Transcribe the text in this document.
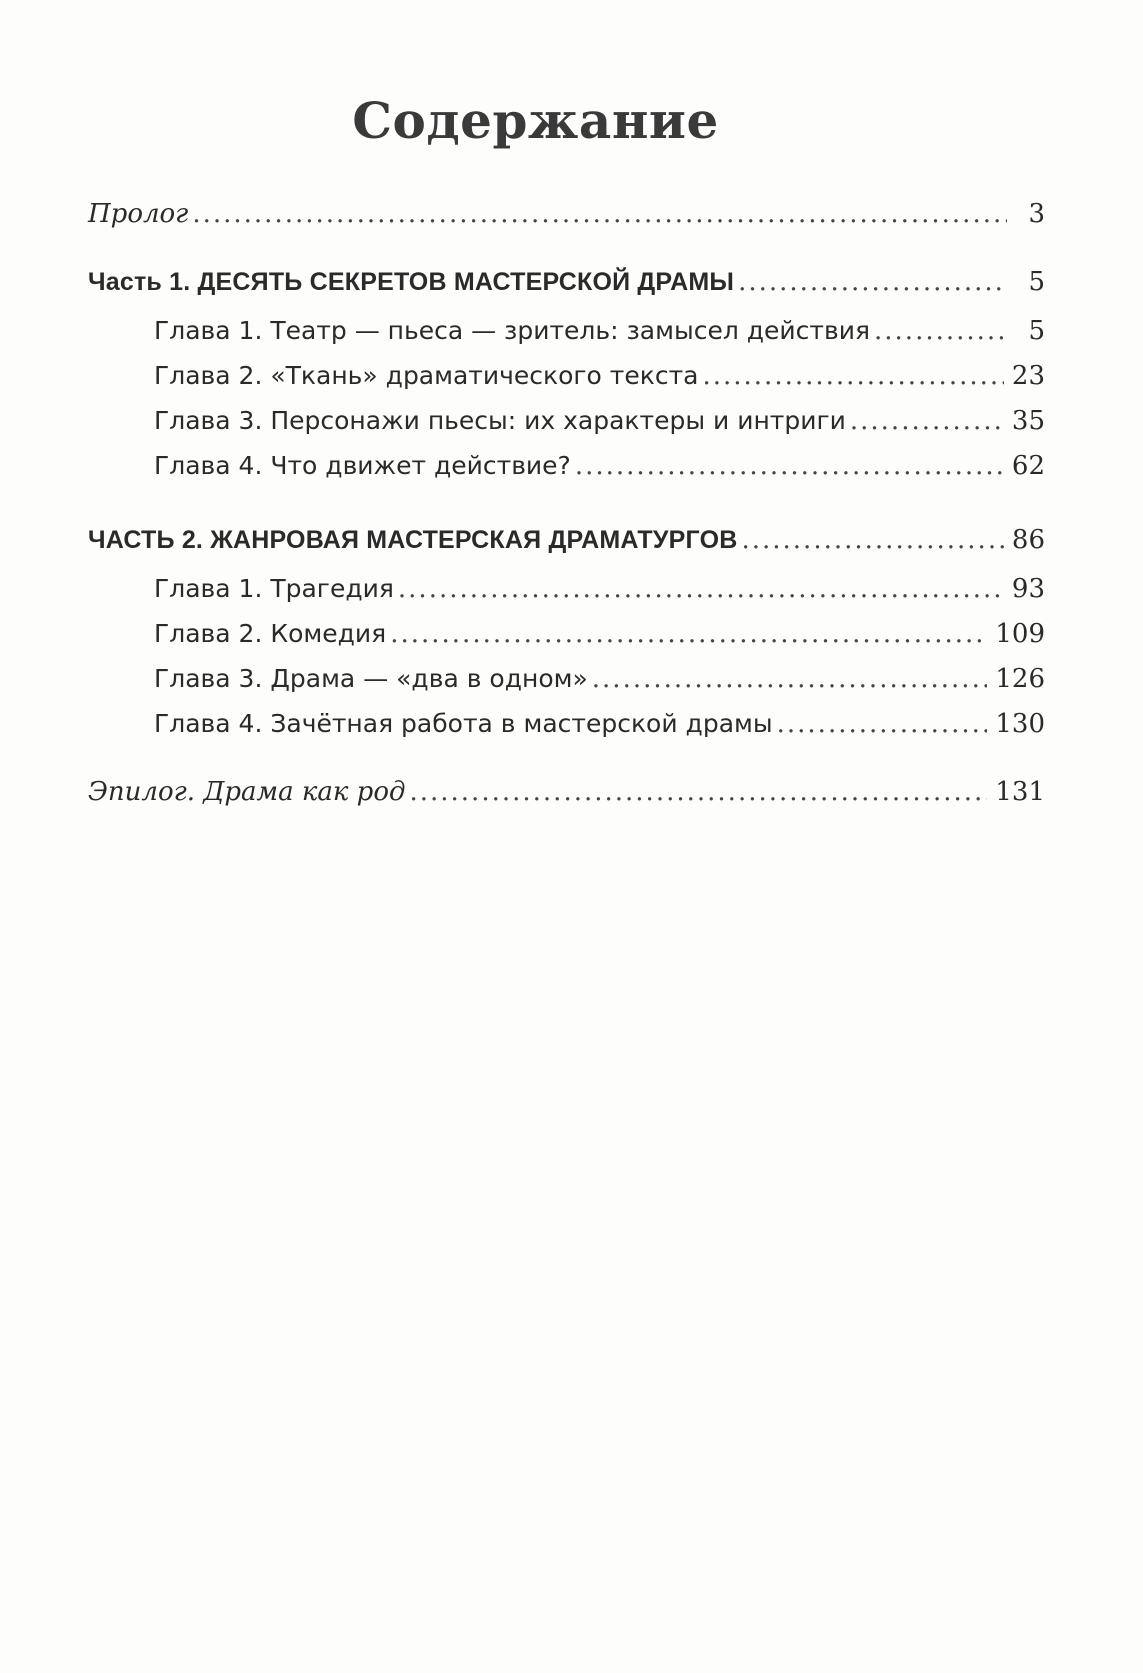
Содержание
Пролог .....	3
Часть 1. ДЕСЯТЬ СЕКРЕТОВ МАСТЕРСКОЙ ДРАМЫ .....	5
Глава 1. Театр — пьеса — зритель: замысел действия .....	5
Глава 2. «Ткань» драматического текста .....	23
Глава 3. Персонажи пьесы: их характеры и интриги .....	35
Глава 4. Что движет действие? .....	62
ЧАСТЬ 2. ЖАНРОВАЯ МАСТЕРСКАЯ ДРАМАТУРГОВ .....	86
Глава 1. Трагедия .....	93
Глава 2. Комедия .....	109
Глава 3. Драма — «два в одном» .....	126
Глава 4. Зачётная работа в мастерской драмы .....	130
Эпилог. Драма как род .....	131
